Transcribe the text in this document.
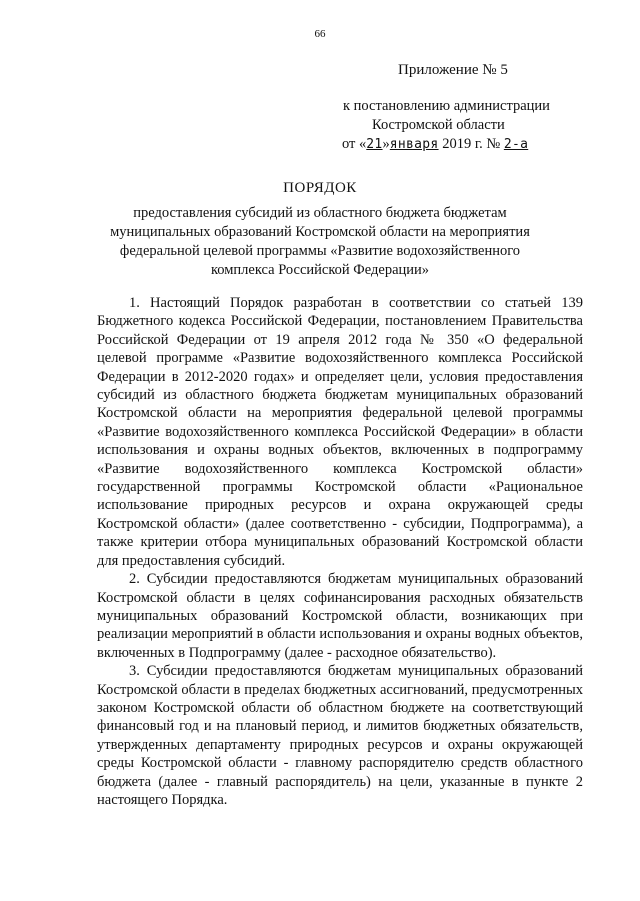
66
Приложение № 5
к постановлению администрации
Костромской области
от «21»января 2019 г. № 2-а
ПОРЯДОК
предоставления субсидий из областного бюджета бюджетам муниципальных образований Костромской области на мероприятия федеральной целевой программы «Развитие водохозяйственного комплекса Российской Федерации»

1. Настоящий Порядок разработан в соответствии со статьей 139 Бюджетного кодекса Российской Федерации, постановлением Правительства Российской Федерации от 19 апреля 2012 года № 350 «О федеральной целевой программе «Развитие водохозяйственного комплекса Российской Федерации в 2012-2020 годах» и определяет цели, условия предоставления субсидий из областного бюджета бюджетам муниципальных образований Костромской области на мероприятия федеральной целевой программы «Развитие водохозяйственного комплекса Российской Федерации» в области использования и охраны водных объектов, включенных в подпрограмму «Развитие водохозяйственного комплекса Костромской области» государственной программы Костромской области «Рациональное использование природных ресурсов и охрана окружающей среды Костромской области» (далее соответственно - субсидии, Подпрограмма), а также критерии отбора муниципальных образований Костромской области для предоставления субсидий.

2. Субсидии предоставляются бюджетам муниципальных образований Костромской области в целях софинансирования расходных обязательств муниципальных образований Костромской области, возникающих при реализации мероприятий в области использования и охраны водных объектов, включенных в Подпрограмму (далее - расходное обязательство).

3. Субсидии предоставляются бюджетам муниципальных образований Костромской области в пределах бюджетных ассигнований, предусмотренных законом Костромской области об областном бюджете на соответствующий финансовый год и на плановый период, и лимитов бюджетных обязательств, утвержденных департаменту природных ресурсов и охраны окружающей среды Костромской области - главному распорядителю средств областного бюджета (далее - главный распорядитель) на цели, указанные в пункте 2 настоящего Порядка.
